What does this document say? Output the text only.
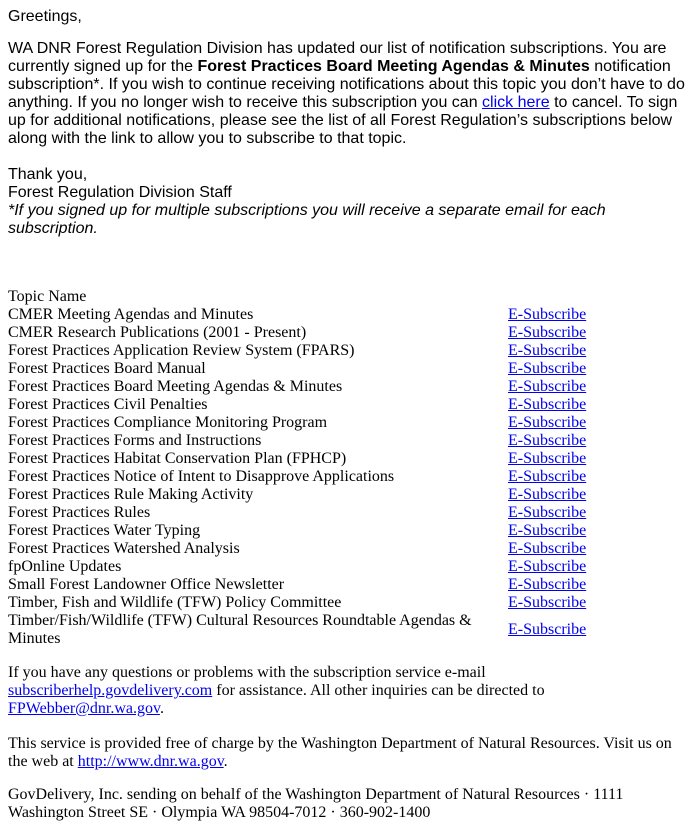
Greetings,

WA DNR Forest Regulation Division has updated our list of notification subscriptions. You are currently signed up for the Forest Practices Board Meeting Agendas & Minutes notification subscription*. If you wish to continue receiving notifications about this topic you don’t have to do anything. If you no longer wish to receive this subscription you can click here to cancel. To sign up for additional notifications, please see the list of all Forest Regulation’s subscriptions below along with the link to allow you to subscribe to that topic.

Thank you,
Forest Regulation Division Staff
*If you signed up for multiple subscriptions you will receive a separate email for each subscription.
Topic Name	
CMER Meeting Agendas and Minutes	E-Subscribe
CMER Research Publications (2001 - Present)	E-Subscribe
Forest Practices Application Review System (FPARS)	E-Subscribe
Forest Practices Board Manual	E-Subscribe
Forest Practices Board Meeting Agendas & Minutes	E-Subscribe
Forest Practices Civil Penalties	E-Subscribe
Forest Practices Compliance Monitoring Program	E-Subscribe
Forest Practices Forms and Instructions	E-Subscribe
Forest Practices Habitat Conservation Plan (FPHCP)	E-Subscribe
Forest Practices Notice of Intent to Disapprove Applications	E-Subscribe
Forest Practices Rule Making Activity	E-Subscribe
Forest Practices Rules	E-Subscribe
Forest Practices Water Typing	E-Subscribe
Forest Practices Watershed Analysis	E-Subscribe
fpOnline Updates	E-Subscribe
Small Forest Landowner Office Newsletter	E-Subscribe
Timber, Fish and Wildlife (TFW) Policy Committee	E-Subscribe
Timber/Fish/Wildlife (TFW) Cultural Resources Roundtable Agendas & Minutes	E-Subscribe

If you have any questions or problems with the subscription service e-mail subscriberhelp.govdelivery.com for assistance. All other inquiries can be directed to FPWebber@dnr.wa.gov.

This service is provided free of charge by the Washington Department of Natural Resources. Visit us on the web at http://www.dnr.wa.gov.

GovDelivery, Inc. sending on behalf of the Washington Department of Natural Resources · 1111 Washington Street SE · Olympia WA 98504-7012 · 360-902-1400
